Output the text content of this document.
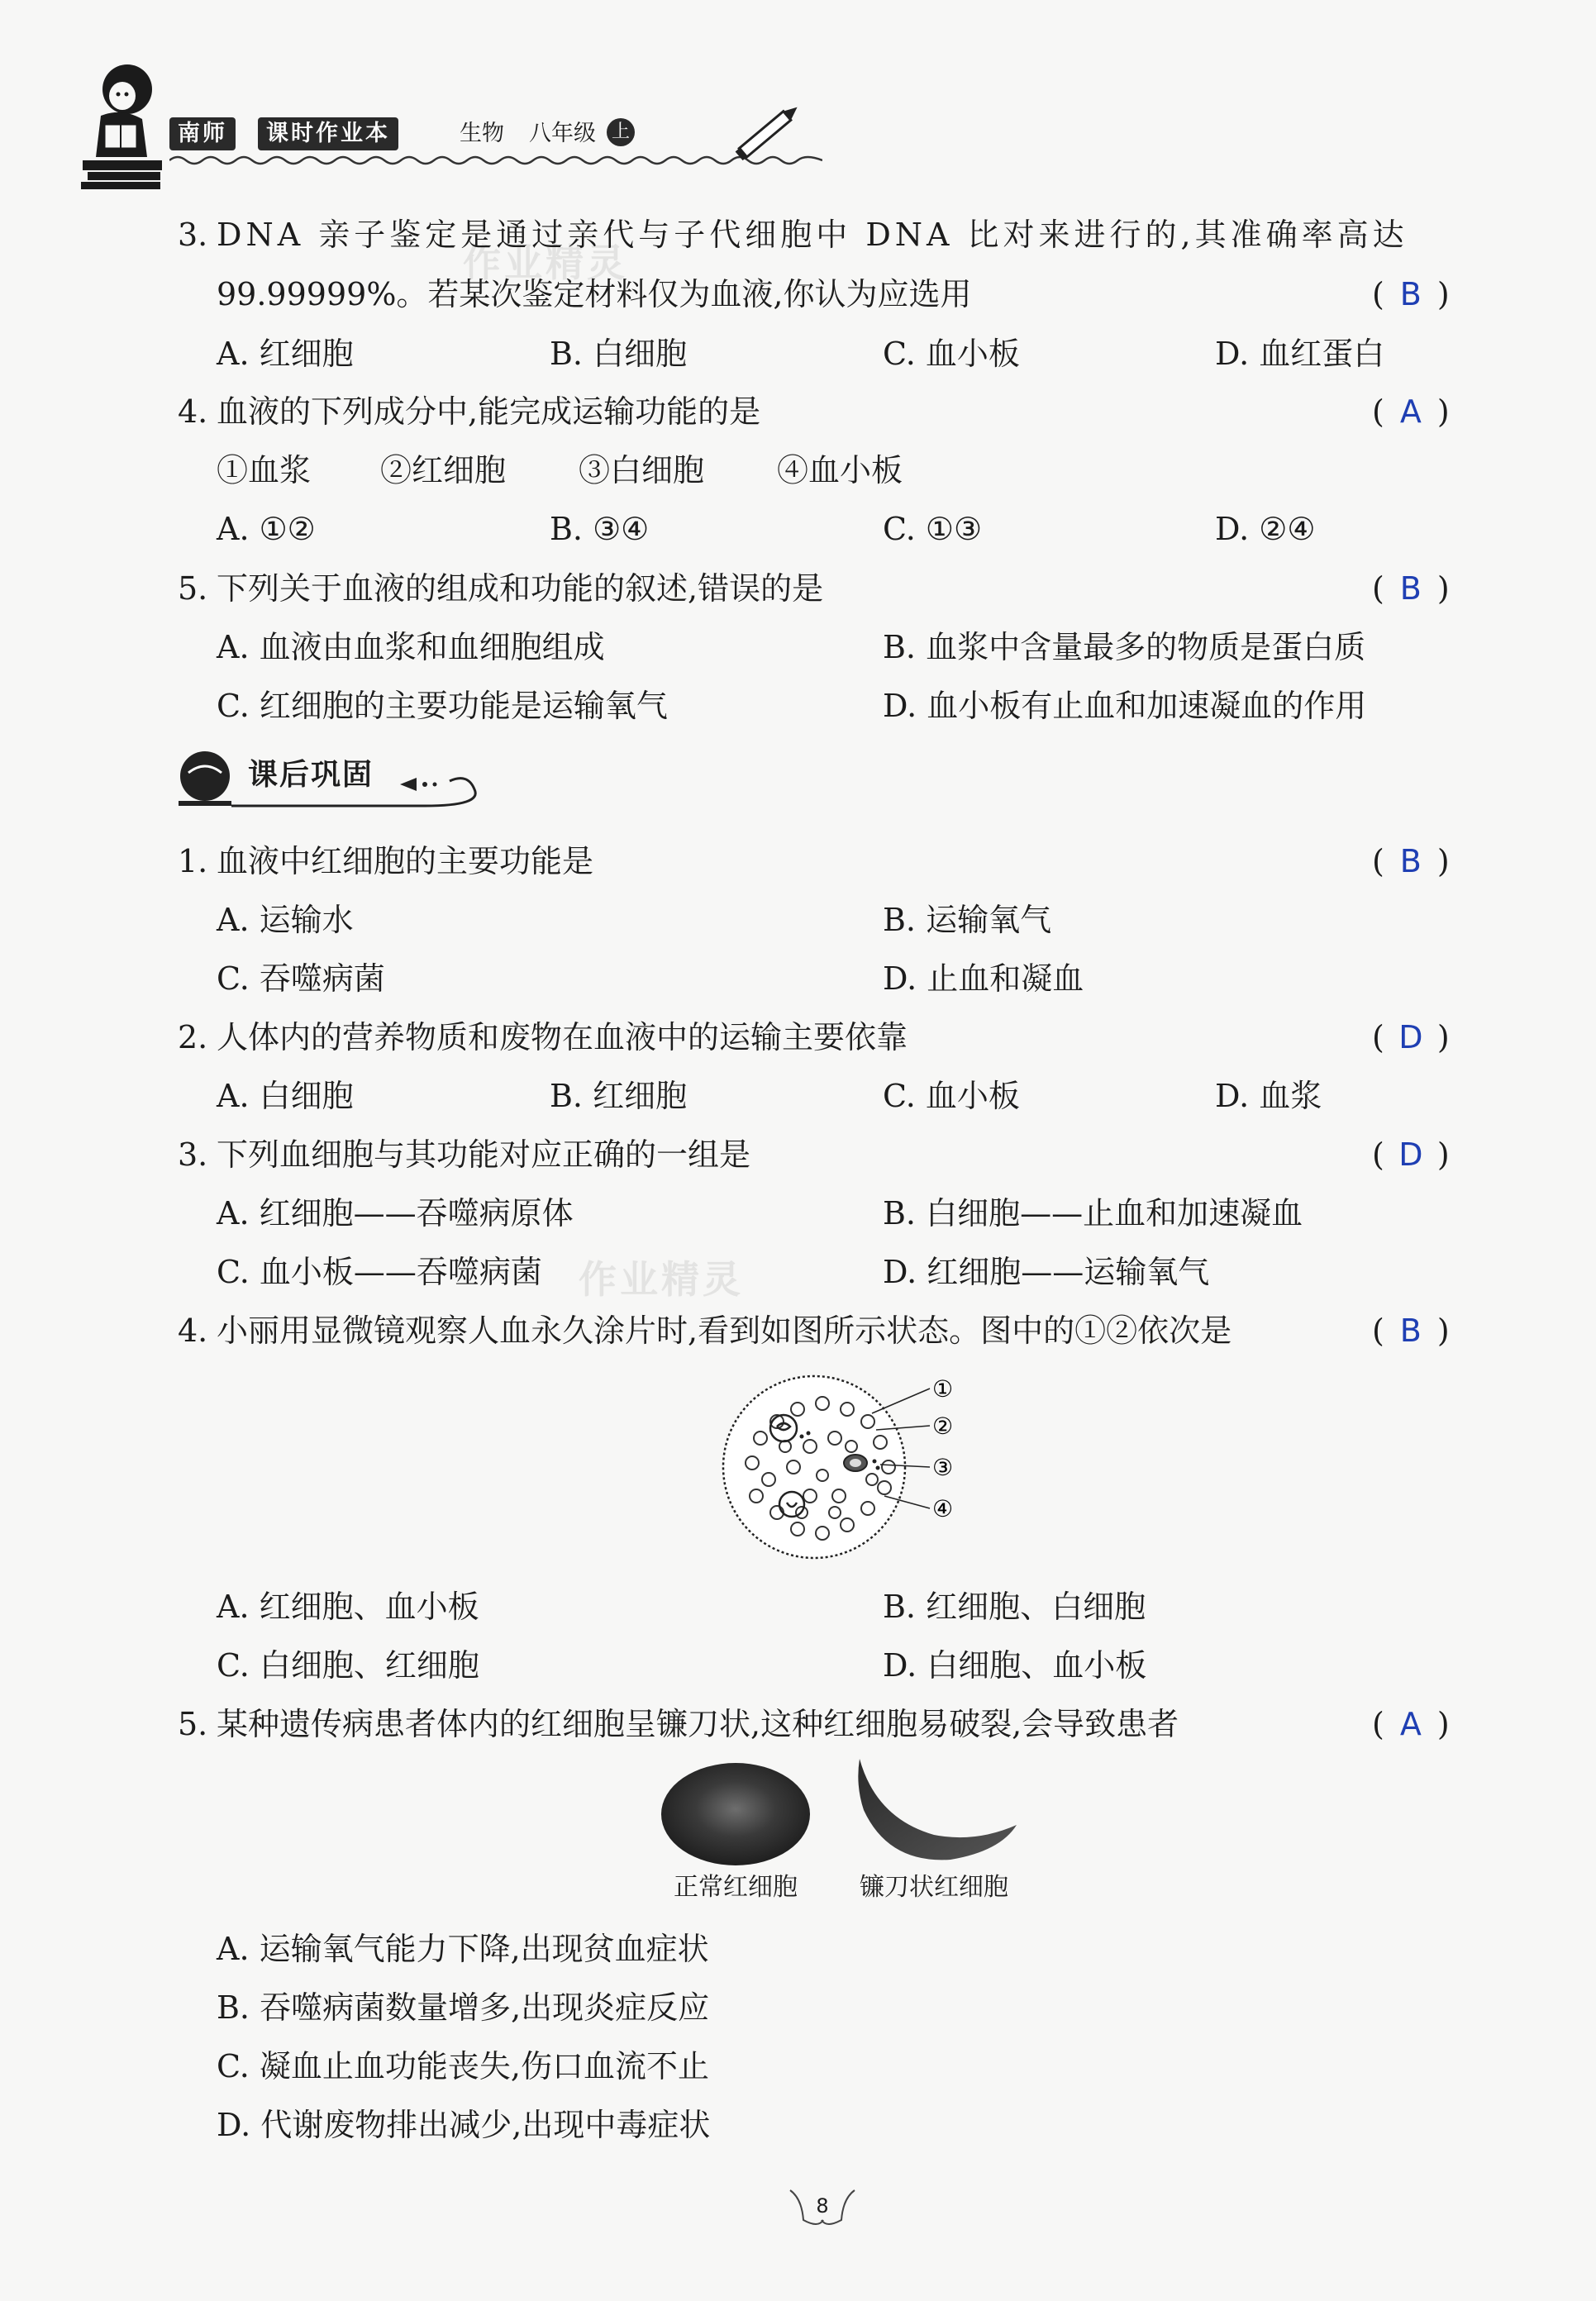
南师	课时作业本	生物 八年级 上
作业精灵
作业精灵
3. DNA 亲子鉴定是通过亲代与子代细胞中 DNA 比对来进行的,其准确率高达
99.99999%。若某次鉴定材料仅为血液,你认为应选用	( B )
A. 红细胞	B. 白细胞	C. 血小板	D. 血红蛋白
4. 血液的下列成分中,能完成运输功能的是	( A )
①血浆 ②红细胞 ③白细胞 ④血小板
A. ①②	B. ③④	C. ①③	D. ②④
5. 下列关于血液的组成和功能的叙述,错误的是	( B )
A. 血液由血浆和血细胞组成	B. 血浆中含量最多的物质是蛋白质
C. 红细胞的主要功能是运输氧气	D. 血小板有止血和加速凝血的作用
课后巩固
1. 血液中红细胞的主要功能是	( B )
A. 运输水	B. 运输氧气
C. 吞噬病菌	D. 止血和凝血
2. 人体内的营养物质和废物在血液中的运输主要依靠	( D )
A. 白细胞	B. 红细胞	C. 血小板	D. 血浆
3. 下列血细胞与其功能对应正确的一组是	( D )
A. 红细胞——吞噬病原体	B. 白细胞——止血和加速凝血
C. 血小板——吞噬病菌	D. 红细胞——运输氧气
4. 小丽用显微镜观察人血永久涂片时,看到如图所示状态。图中的①②依次是	( B )
①
②
③
④
A. 红细胞、血小板	B. 红细胞、白细胞
C. 白细胞、红细胞	D. 白细胞、血小板
5. 某种遗传病患者体内的红细胞呈镰刀状,这种红细胞易破裂,会导致患者	( A )
正常红细胞	镰刀状红细胞
A. 运输氧气能力下降,出现贫血症状
B. 吞噬病菌数量增多,出现炎症反应
C. 凝血止血功能丧失,伤口血流不止
D. 代谢废物排出减少,出现中毒症状
8
